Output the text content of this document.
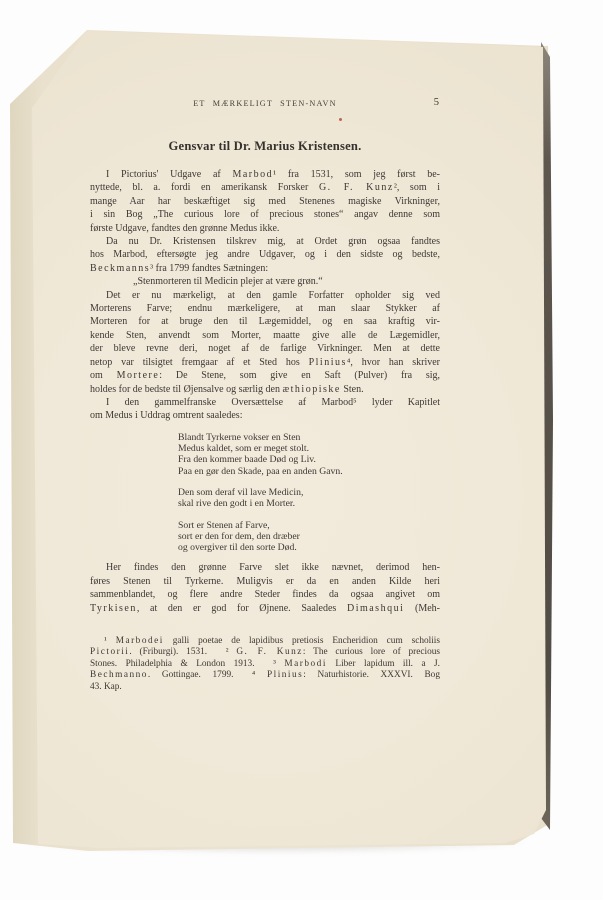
ET MÆRKELIGT STEN-NAVN	5
Gensvar til Dr. Marius Kristensen.
I Pictorius' Udgave af Marbod¹ fra 1531, som jeg først be-
nyttede, bl. a. fordi en amerikansk Forsker G. F. Kunz², som i
mange Aar har beskæftiget sig med Stenenes magiske Virkninger,
i sin Bog „The curious lore of precious stones“ angav denne som
første Udgave, fandtes den grønne Medus ikke.
Da nu Dr. Kristensen tilskrev mig, at Ordet grøn ogsaa fandtes
hos Marbod, eftersøgte jeg andre Udgaver, og i den sidste og bedste,
Beckmanns³ fra 1799 fandtes Sætningen:
„Stenmorteren til Medicin plejer at være grøn.“
Det er nu mærkeligt, at den gamle Forfatter opholder sig ved
Morterens Farve; endnu mærkeligere, at man slaar Stykker af
Morteren for at bruge den til Lægemiddel, og en saa kraftig vir-
kende Sten, anvendt som Morter, maatte give alle de Lægemidler,
der bleve revne deri, noget af de farlige Virkninger. Men at dette
netop var tilsigtet fremgaar af et Sted hos Plinius⁴, hvor han skriver
om Mortere: De Stene, som give en Saft (Pulver) fra sig,
holdes for de bedste til Øjensalve og særlig den æthiopiske Sten.
I den gammelfranske Oversættelse af Marbod⁵ lyder Kapitlet
om Medus i Uddrag omtrent saaledes:
Blandt Tyrkerne vokser en Sten
Medus kaldet, som er meget stolt.
Fra den kommer baade Død og Liv.
Paa en gør den Skade, paa en anden Gavn.
Den som deraf vil lave Medicin,
skal rive den godt i en Morter.
Sort er Stenen af Farve,
sort er den for dem, den dræber
og overgiver til den sorte Død.
Her findes den grønne Farve slet ikke nævnet, derimod hen-
føres Stenen til Tyrkerne. Muligvis er da en anden Kilde heri
sammenblandet, og flere andre Steder findes da ogsaa angivet om
Tyrkisen, at den er god for Øjnene. Saaledes Dimashqui (Meh-
¹ Marbodei galli poetae de lapidibus pretiosis Encheridion cum scholiis
Pictorii. (Friburgi). 1531.  ² G. F. Kunz: The curious lore of precious
Stones. Philadelphia & London 1913.  ³ Marbodi Liber lapidum ill. a J.
Bechmanno. Gottingae. 1799.  ⁴ Plinius: Naturhistorie. XXXVI. Bog
43. Kap.
